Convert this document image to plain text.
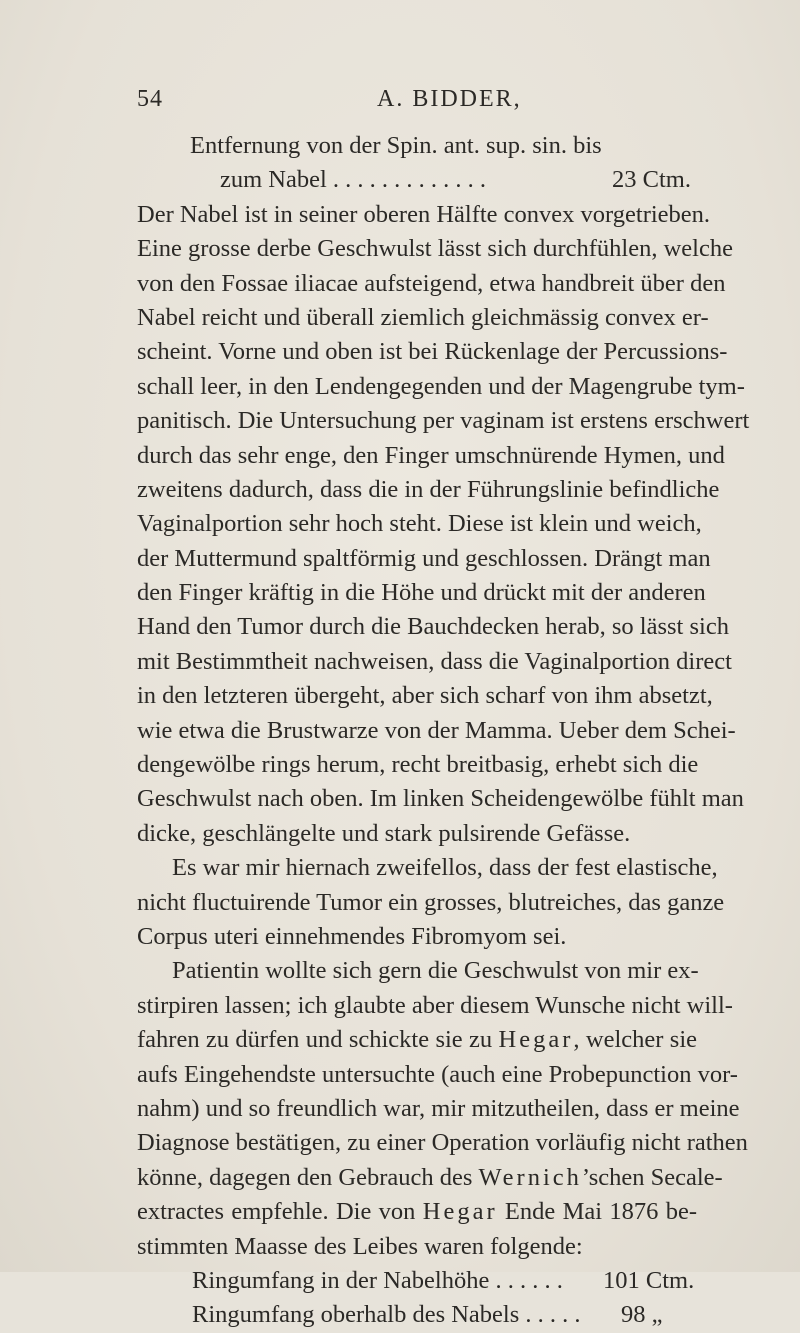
54	A. BIDDER,
Entfernung von der Spin. ant. sup. sin. bis
zum Nabel . . . . . . . . . . . . .	23 Ctm.
Der Nabel ist in seiner oberen Hälfte convex vorgetrieben.
Eine grosse derbe Geschwulst lässt sich durchfühlen, welche
von den Fossae iliacae aufsteigend, etwa handbreit über den
Nabel reicht und überall ziemlich gleichmässig convex er-
scheint. Vorne und oben ist bei Rückenlage der Percussions-
schall leer, in den Lendengegenden und der Magengrube tym-
panitisch. Die Untersuchung per vaginam ist erstens erschwert
durch das sehr enge, den Finger umschnürende Hymen, und
zweitens dadurch, dass die in der Führungslinie befindliche
Vaginalportion sehr hoch steht. Diese ist klein und weich,
der Muttermund spaltförmig und geschlossen. Drängt man
den Finger kräftig in die Höhe und drückt mit der anderen
Hand den Tumor durch die Bauchdecken herab, so lässt sich
mit Bestimmtheit nachweisen, dass die Vaginalportion direct
in den letzteren übergeht, aber sich scharf von ihm absetzt,
wie etwa die Brustwarze von der Mamma. Ueber dem Schei-
dengewölbe rings herum, recht breitbasig, erhebt sich die
Geschwulst nach oben. Im linken Scheidengewölbe fühlt man
dicke, geschlängelte und stark pulsirende Gefässe.
Es war mir hiernach zweifellos, dass der fest elastische,
nicht fluctuirende Tumor ein grosses, blutreiches, das ganze
Corpus uteri einnehmendes Fibromyom sei.
Patientin wollte sich gern die Geschwulst von mir ex-
stirpiren lassen; ich glaubte aber diesem Wunsche nicht will-
fahren zu dürfen und schickte sie zu Hegar, welcher sie
aufs Eingehendste untersuchte (auch eine Probepunction vor-
nahm) und so freundlich war, mir mitzutheilen, dass er meine
Diagnose bestätigen, zu einer Operation vorläufig nicht rathen
könne, dagegen den Gebrauch des Wernich’schen Secale-
extractes empfehle. Die von Hegar Ende Mai 1876 be-
stimmten Maasse des Leibes waren folgende:
Ringumfang in der Nabelhöhe . . . . . . 101 Ctm.
Ringumfang oberhalb des Nabels . . . . . 98 „
